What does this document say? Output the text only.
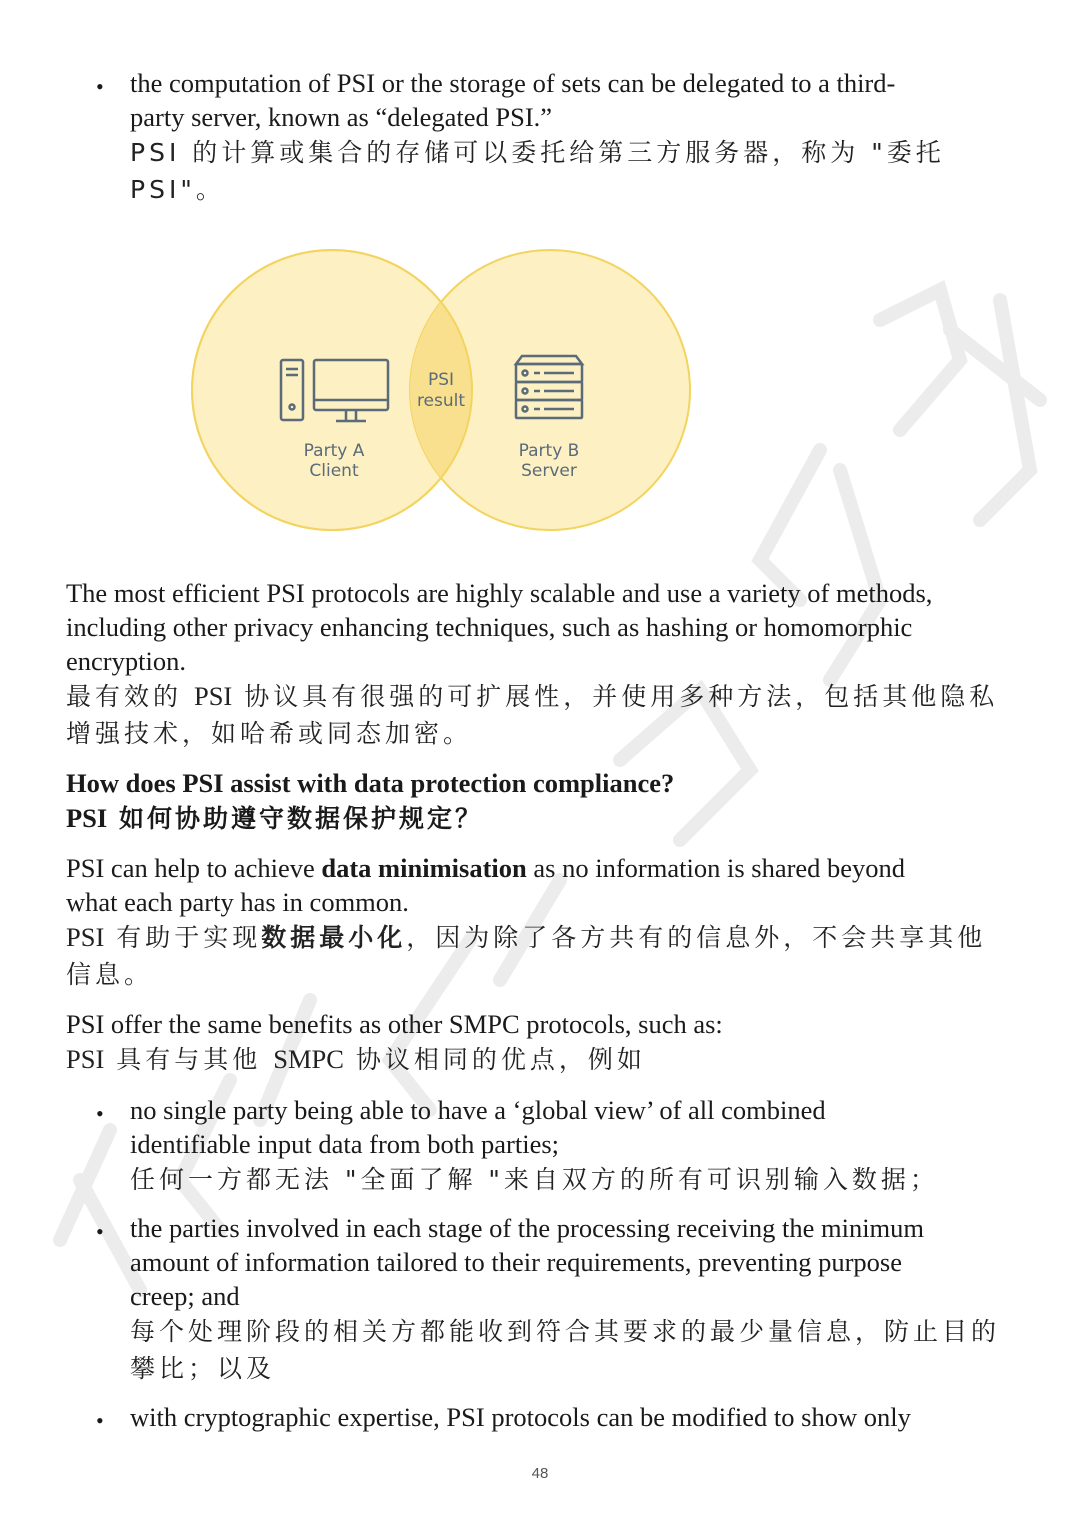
• the computation of PSI or the storage of sets can be delegated to a third-

party server, known as “delegated PSI.”

PSI 的计算或集合的存储可以委托给第三方服务器，称为 "委托

PSI"。

PSI
result
Party A
Client
Party B
Server

The most efficient PSI protocols are highly scalable and use a variety of methods,

including other privacy enhancing techniques, such as hashing or homomorphic

encryption.

最有效的 PSI 协议具有很强的可扩展性，并使用多种方法，包括其他隐私

增强技术，如哈希或同态加密。

How does PSI assist with data protection compliance?

PSI 如何协助遵守数据保护规定？

PSI can help to achieve data minimisation as no information is shared beyond

what each party has in common.

PSI 有助于实现数据最小化，因为除了各方共有的信息外，不会共享其他

信息。

PSI offer the same benefits as other SMPC protocols, such as:

PSI 具有与其他 SMPC 协议相同的优点，例如

• no single party being able to have a ‘global view’ of all combined

identifiable input data from both parties;

任何一方都无法 "全面了解 "来自双方的所有可识别输入数据；

• the parties involved in each stage of the processing receiving the minimum

amount of information tailored to their requirements, preventing purpose

creep; and

每个处理阶段的相关方都能收到符合其要求的最少量信息，防止目的

攀比；以及

• with cryptographic expertise, PSI protocols can be modified to show only

48
